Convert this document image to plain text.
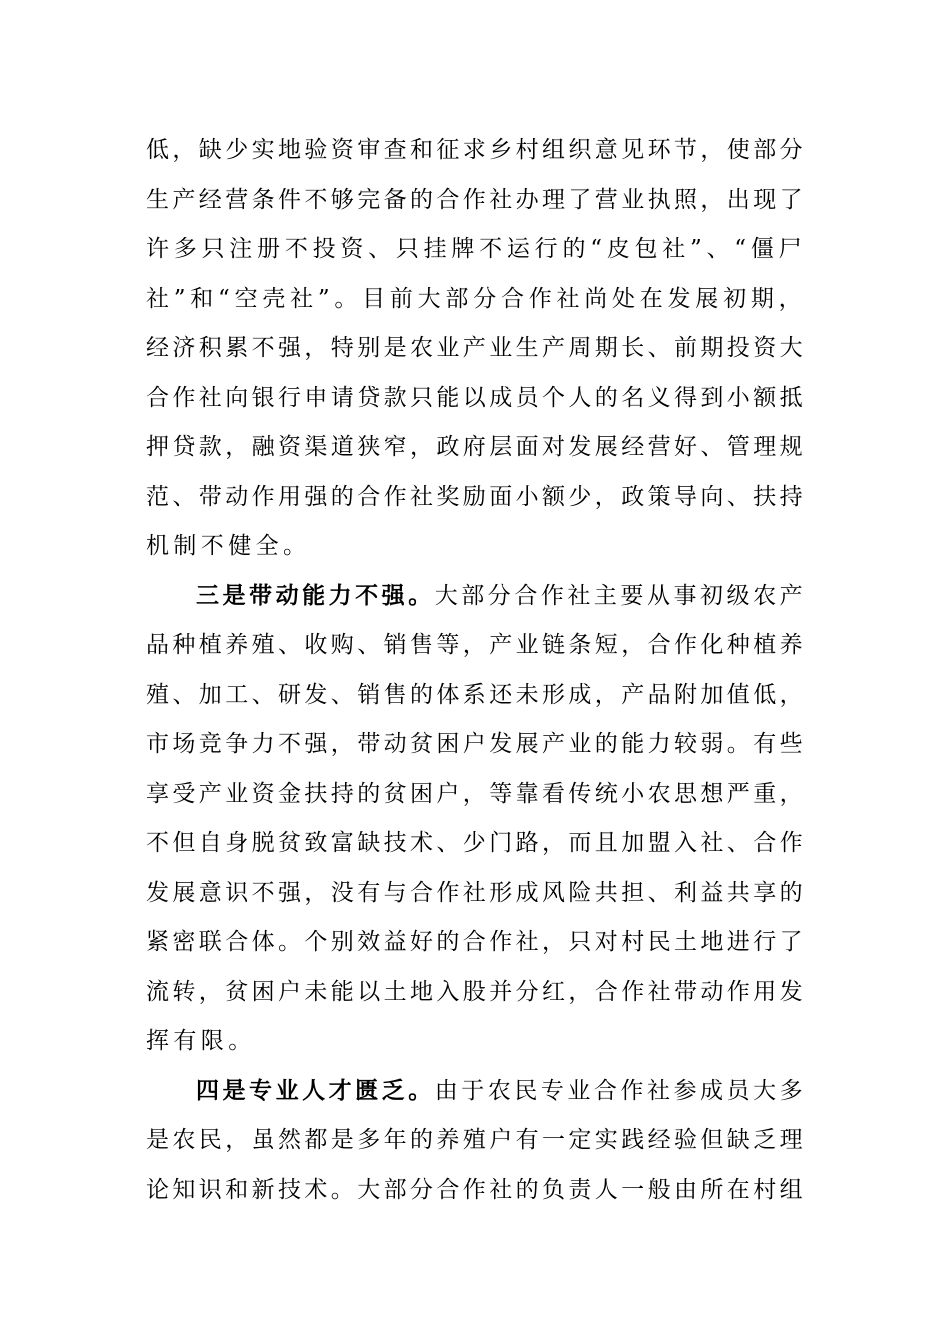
低，缺少实地验资审查和征求乡村组织意见环节，使部分
生产经营条件不够完备的合作社办理了营业执照，出现了
许多只注册不投资、只挂牌不运行的“皮包社”、“僵尸
社”和“空壳社”。目前大部分合作社尚处在发展初期，
经济积累不强，特别是农业产业生产周期长、前期投资大
合作社向银行申请贷款只能以成员个人的名义得到小额抵
押贷款，融资渠道狭窄，政府层面对发展经营好、管理规
范、带动作用强的合作社奖励面小额少，政策导向、扶持
机制不健全。
三是带动能力不强。大部分合作社主要从事初级农产
品种植养殖、收购、销售等，产业链条短，合作化种植养
殖、加工、研发、销售的体系还未形成，产品附加值低，
市场竞争力不强，带动贫困户发展产业的能力较弱。有些
享受产业资金扶持的贫困户，等靠看传统小农思想严重，
不但自身脱贫致富缺技术、少门路，而且加盟入社、合作
发展意识不强，没有与合作社形成风险共担、利益共享的
紧密联合体。个别效益好的合作社，只对村民土地进行了
流转，贫困户未能以土地入股并分红，合作社带动作用发
挥有限。
四是专业人才匮乏。由于农民专业合作社参成员大多
是农民，虽然都是多年的养殖户有一定实践经验但缺乏理
论知识和新技术。大部分合作社的负责人一般由所在村组
